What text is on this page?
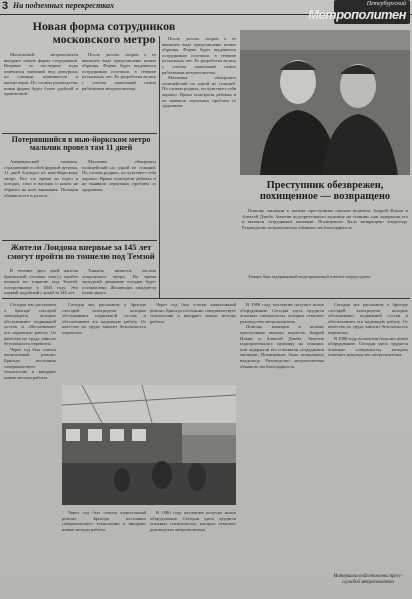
3 На подземных перекрестках	Петербургский
Метрополитен
Новая форма сотрудников московского метро

Московский метрополитен внедряет новую форму сотрудников. Впервые за последние годы изменится внешний вид дежурных по станции, машинистов и контролеров. По словам руководства, новая форма будет более удобной и практичной.

После долгих споров о ее внешнем виде представлены новые образцы. Форма будет выдаваться сотрудникам поэтапно, в течение нескольких лет. Ее разработка велась с учетом пожеланий самих работников метрополитена.

Потерявшийся в нью-йоркском метро мальчик провел там 11 дней

Американский мальчик, страдающий особой формой аутизма, 11 дней блуждал по нью-йоркскому метро. Все это время он ездил в поездах, спал в вагонах и никто не обратил на него внимания. Полиция объявила его в розыск.

Мальчика обнаружил полицейский на одной из станций. По словам родных, он чувствует себя хорошо. Врачи осмотрели ребенка и не выявили серьезных проблем со здоровьем.

После долгих споров о ее внешнем виде представлены новые образцы. Форма будет выдаваться сотрудникам поэтапно, в течение нескольких лет. Ее разработка велась с учетом пожеланий самих работников метрополитена.

Мальчика обнаружил полицейский на одной из станций. По словам родных, он чувствует себя хорошо. Врачи осмотрели ребенка и не выявили серьезных проблем со здоровьем.

Жители Лондона впервые за 145 лет смогут пройти по тоннелю под Темзой

В течение двух дней жители британской столицы смогут пройти пешком по тоннелю под Темзой, построенному в 1843 году. Это первый подобный случай за 145 лет.

Тоннель является частью лондонского метро. На время экскурсий движение поездов будет остановлено. Желающих ожидается очень много.

Преступник обезврежен, похищенное — возвращено

Помощь милиции в поимке преступника оказали водитель Андрей Ильин и Алексей Дзюба. Заметив подозрительного мужчину на станции, они задержали его и вызвали сотрудников милиции. Похищенное было возвращено владельцу. Руководство метрополитена объявило им благодарность.

Теперь быв задержанный подозреваемый ответит перед судом.

Сегодня мы расскажем о бригаде слесарей электродепо, которые обслуживают подвижной состав и обеспечивают его надежную работу. От качества их труда зависит безопасность перевозок.

Через год был освоен капитальный ремонт. Бригада постоянно совершенствует технологию и внедряет новые методы работы.

Сегодня мы расскажем о бригаде слесарей электродепо, которые обслуживают подвижной состав и обеспечивают его надежную работу. От качества их труда зависит безопасность перевозок.

Через год был освоен капитальный ремонт. Бригада постоянно совершенствует технологию и внедряет новые методы работы.

Через год был освоен капитальный ремонт. Бригада постоянно совершенствует технологию и внедряет новые методы работы.

В 1986 году коллектив получил новое оборудование. Сегодня здесь трудятся опытные специалисты, которых отмечает руководство метрополитена.

В 1986 году коллектив получил новое оборудование. Сегодня здесь трудятся опытные специалисты, которых отмечает руководство метрополитена.

Помощь милиции в поимке преступника оказали водитель Андрей Ильин и Алексей Дзюба. Заметив подозрительного мужчину на станции, они задержали его и вызвали сотрудников милиции. Похищенное было возвращено владельцу. Руководство метрополитена объявило им благодарность.

Сегодня мы расскажем о бригаде слесарей электродепо, которые обслуживают подвижной состав и обеспечивают его надежную работу. От качества их труда зависит безопасность перевозок.

В 1986 году коллектив получил новое оборудование. Сегодня здесь трудятся опытные специалисты, которых отмечает руководство метрополитена.

Материалы подготовлены пресс-службой метрополитена
